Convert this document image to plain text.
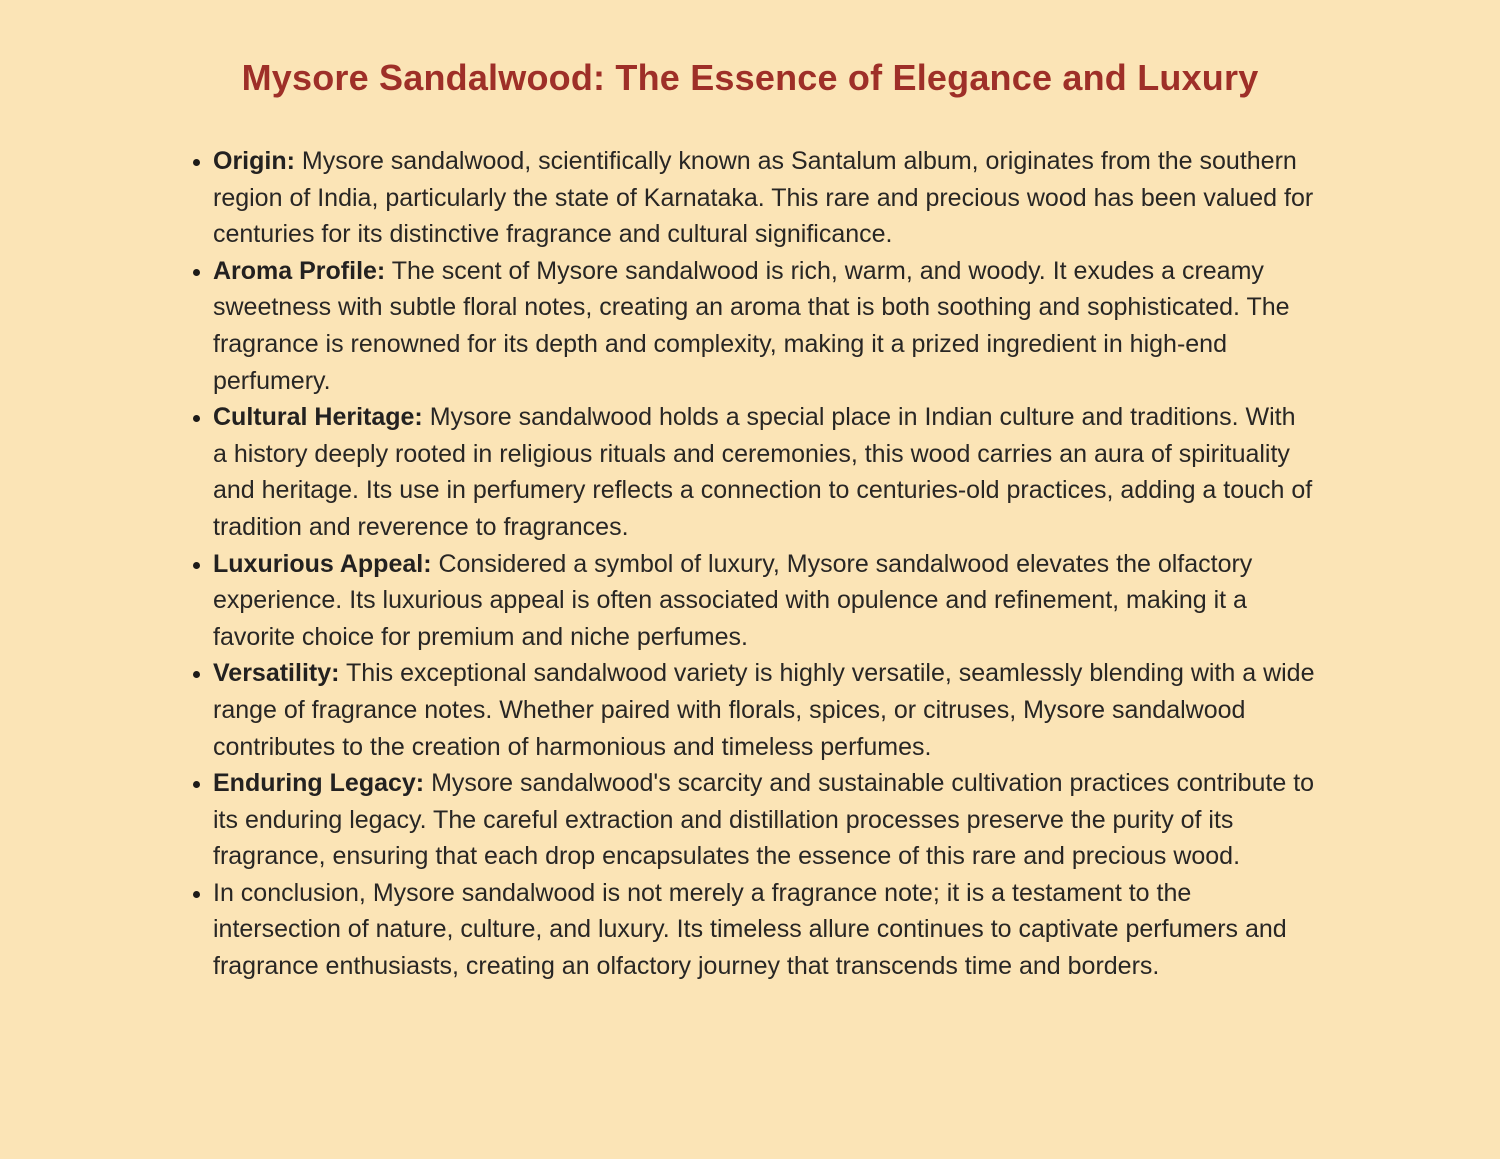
Mysore Sandalwood: The Essence of Elegance and Luxury
• Origin: Mysore sandalwood, scientifically known as Santalum album, originates from the southern region of India, particularly the state of Karnataka. This rare and precious wood has been valued for centuries for its distinctive fragrance and cultural significance.
• Aroma Profile: The scent of Mysore sandalwood is rich, warm, and woody. It exudes a creamy sweetness with subtle floral notes, creating an aroma that is both soothing and sophisticated. The fragrance is renowned for its depth and complexity, making it a prized ingredient in high-end perfumery.
• Cultural Heritage: Mysore sandalwood holds a special place in Indian culture and traditions. With a history deeply rooted in religious rituals and ceremonies, this wood carries an aura of spirituality and heritage. Its use in perfumery reflects a connection to centuries-old practices, adding a touch of tradition and reverence to fragrances.
• Luxurious Appeal: Considered a symbol of luxury, Mysore sandalwood elevates the olfactory experience. Its luxurious appeal is often associated with opulence and refinement, making it a favorite choice for premium and niche perfumes.
• Versatility: This exceptional sandalwood variety is highly versatile, seamlessly blending with a wide range of fragrance notes. Whether paired with florals, spices, or citruses, Mysore sandalwood contributes to the creation of harmonious and timeless perfumes.
• Enduring Legacy: Mysore sandalwood's scarcity and sustainable cultivation practices contribute to its enduring legacy. The careful extraction and distillation processes preserve the purity of its fragrance, ensuring that each drop encapsulates the essence of this rare and precious wood.
• In conclusion, Mysore sandalwood is not merely a fragrance note; it is a testament to the intersection of nature, culture, and luxury. Its timeless allure continues to captivate perfumers and fragrance enthusiasts, creating an olfactory journey that transcends time and borders.
